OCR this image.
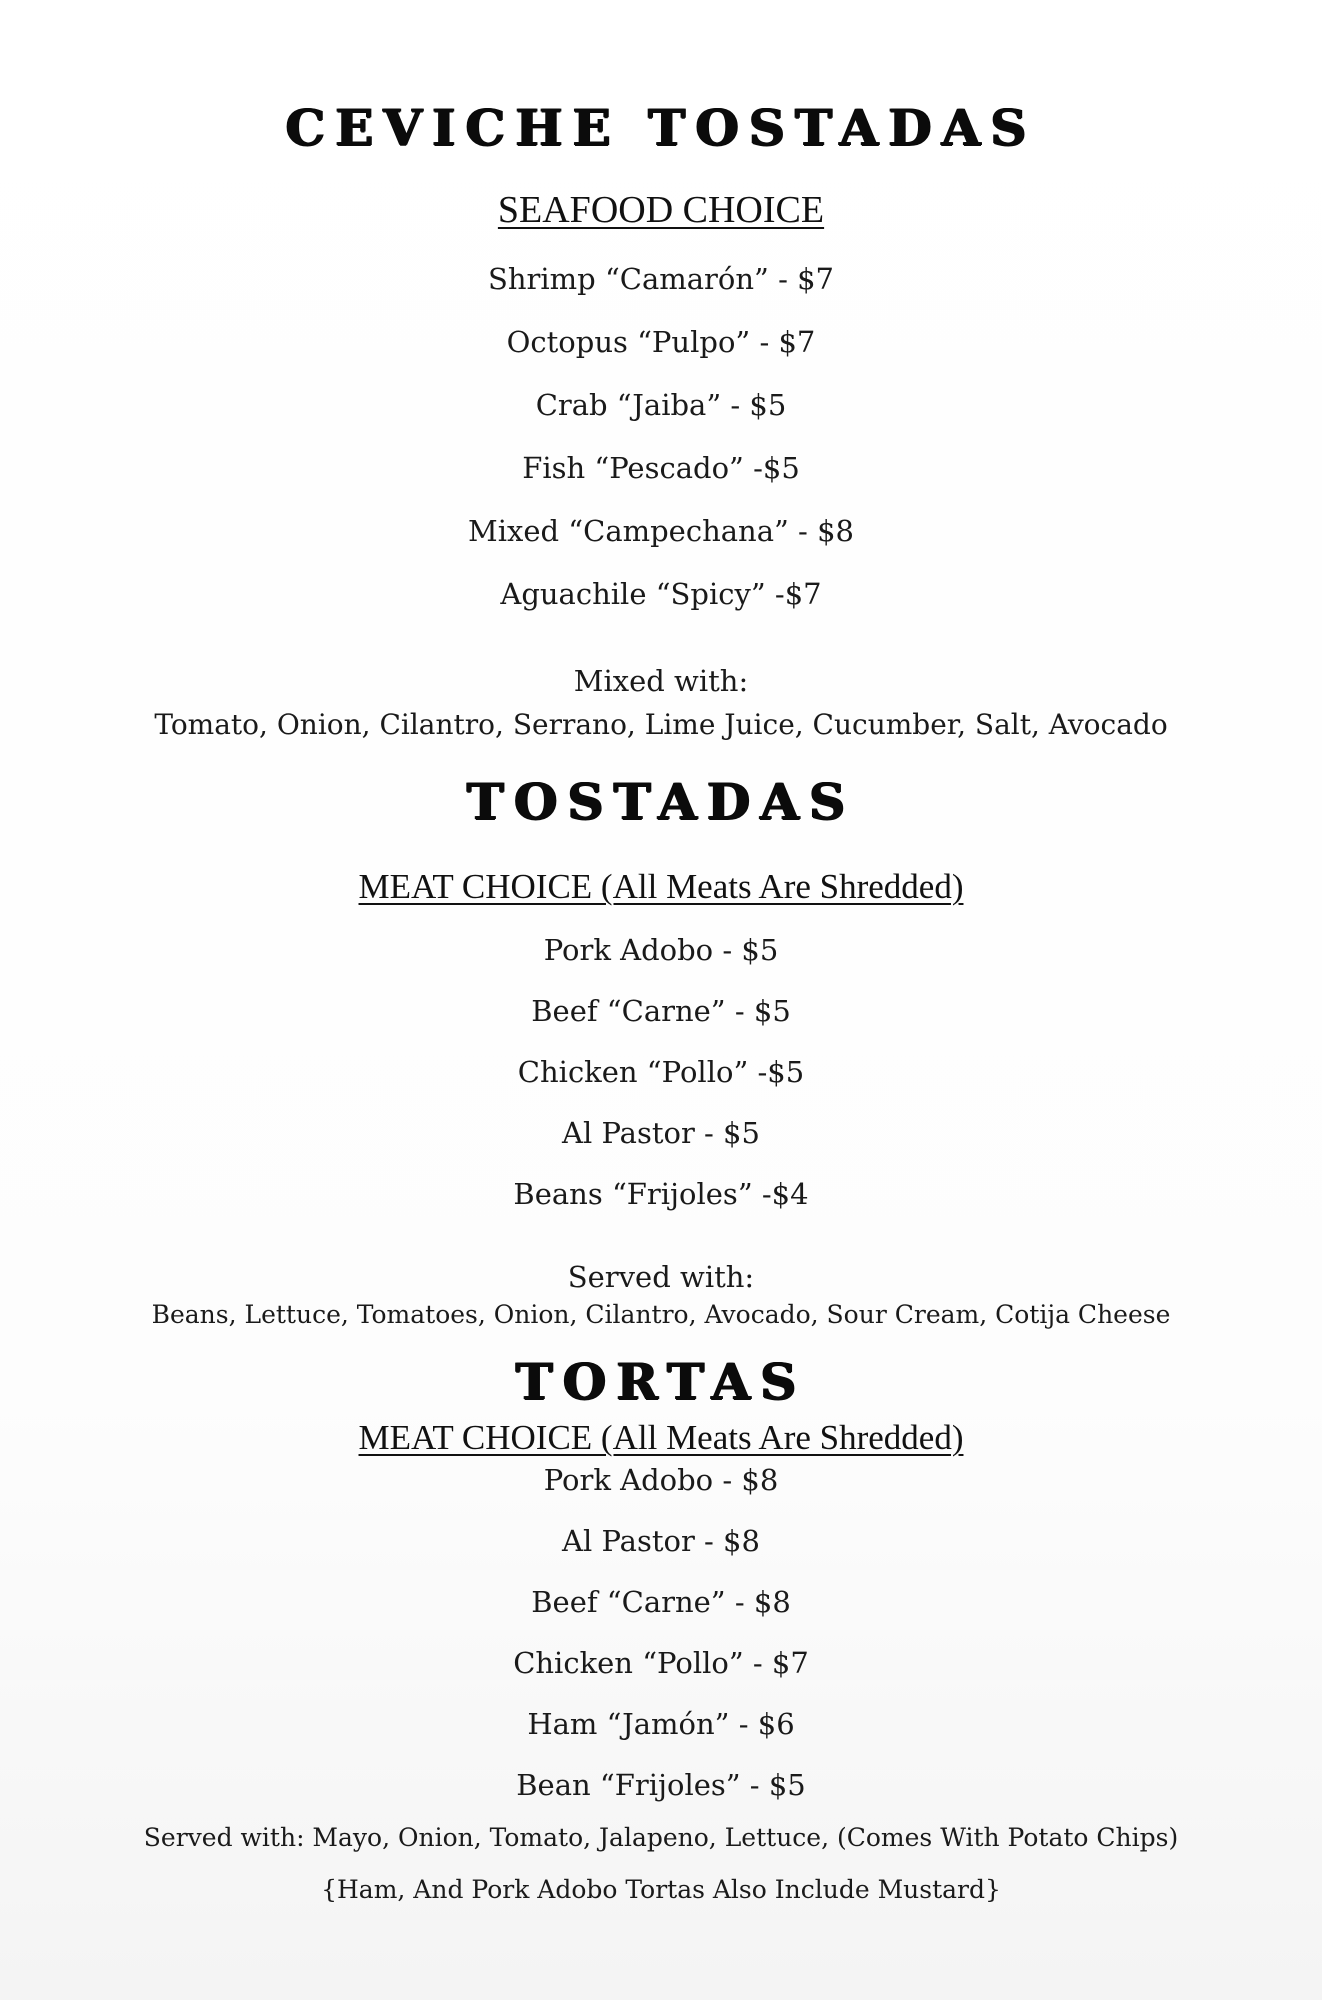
CEVICHE TOSTADAS
SEAFOOD CHOICE
Shrimp “Camarón” - $7
Octopus “Pulpo” - $7
Crab “Jaiba” - $5
Fish “Pescado” -$5
Mixed “Campechana” - $8
Aguachile “Spicy” -$7
Mixed with:
Tomato, Onion, Cilantro, Serrano, Lime Juice, Cucumber, Salt, Avocado
TOSTADAS
MEAT CHOICE (All Meats Are Shredded)
Pork Adobo - $5
Beef “Carne” - $5
Chicken “Pollo” -$5
Al Pastor - $5
Beans “Frijoles” -$4
Served with:
Beans, Lettuce, Tomatoes, Onion, Cilantro, Avocado, Sour Cream, Cotija Cheese
TORTAS
MEAT CHOICE (All Meats Are Shredded)
Pork Adobo - $8
Al Pastor - $8
Beef “Carne” - $8
Chicken “Pollo” - $7
Ham “Jamón” - $6
Bean “Frijoles” - $5
Served with: Mayo, Onion, Tomato, Jalapeno, Lettuce, (Comes With Potato Chips)
{Ham, And Pork Adobo Tortas Also Include Mustard}
